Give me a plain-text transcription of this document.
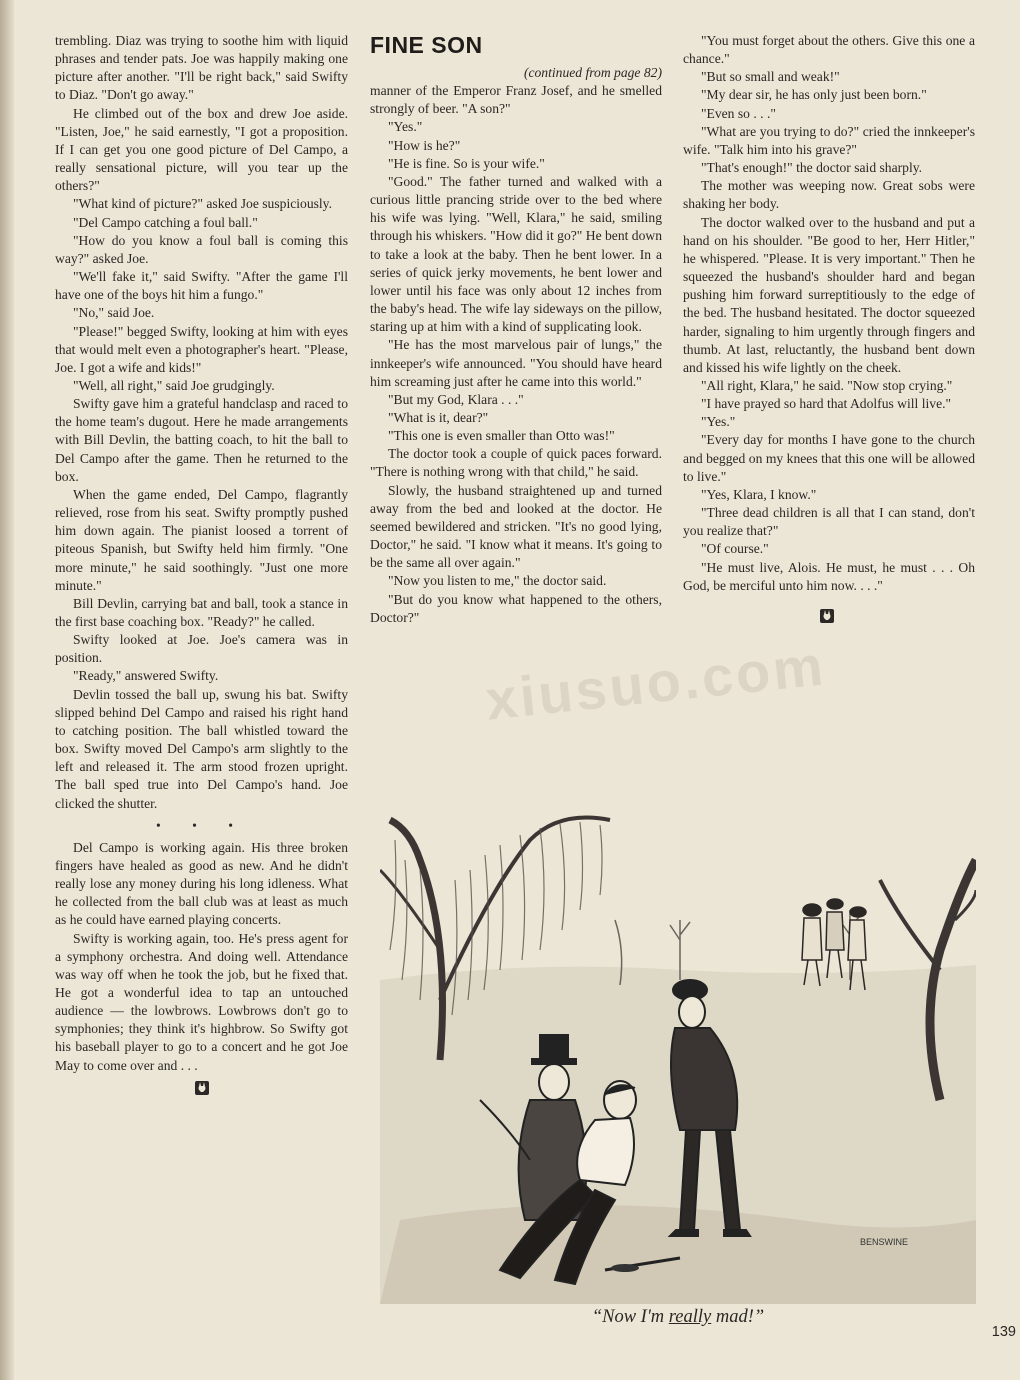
trembling. Diaz was trying to soothe him with liquid phrases and tender pats. Joe was happily making one picture after another. "I'll be right back," said Swifty to Diaz. "Don't go away."

He climbed out of the box and drew Joe aside. "Listen, Joe," he said earnestly, "I got a proposition. If I can get you one good picture of Del Campo, a really sensational picture, will you tear up the others?"

"What kind of picture?" asked Joe suspiciously.

"Del Campo catching a foul ball."

"How do you know a foul ball is coming this way?" asked Joe.

"We'll fake it," said Swifty. "After the game I'll have one of the boys hit him a fungo."

"No," said Joe.

"Please!" begged Swifty, looking at him with eyes that would melt even a photographer's heart. "Please, Joe. I got a wife and kids!"

"Well, all right," said Joe grudgingly.

Swifty gave him a grateful handclasp and raced to the home team's dugout. Here he made arrangements with Bill Devlin, the batting coach, to hit the ball to Del Campo after the game. Then he returned to the box.

When the game ended, Del Campo, flagrantly relieved, rose from his seat. Swifty promptly pushed him down again. The pianist loosed a torrent of piteous Spanish, but Swifty held him firmly. "One more minute," he said soothingly. "Just one more minute."

Bill Devlin, carrying bat and ball, took a stance in the first base coaching box. "Ready?" he called.

Swifty looked at Joe. Joe's camera was in position.

"Ready," answered Swifty.

Devlin tossed the ball up, swung his bat. Swifty slipped behind Del Campo and raised his right hand to catching position. The ball whistled toward the box. Swifty moved Del Campo's arm slightly to the left and released it. The arm stood frozen upright. The ball sped true into Del Campo's hand. Joe clicked the shutter.

• • •

Del Campo is working again. His three broken fingers have healed as good as new. And he didn't really lose any money during his long idleness. What he collected from the ball club was at least as much as he could have earned playing concerts.

Swifty is working again, too. He's press agent for a symphony orchestra. And doing well. Attendance was way off when he took the job, but he fixed that. He got a wonderful idea to tap an untouched audience — the lowbrows. Lowbrows don't go to symphonies; they think it's highbrow. So Swifty got his baseball player to go to a concert and he got Joe May to come over and . . .

FINE SON

(continued from page 82)

manner of the Emperor Franz Josef, and he smelled strongly of beer. "A son?"

"Yes."

"How is he?"

"He is fine. So is your wife."

"Good." The father turned and walked with a curious little prancing stride over to the bed where his wife was lying. "Well, Klara," he said, smiling through his whiskers. "How did it go?" He bent down to take a look at the baby. Then he bent lower. In a series of quick jerky movements, he bent lower and lower until his face was only about 12 inches from the baby's head. The wife lay sideways on the pillow, staring up at him with a kind of supplicating look.

"He has the most marvelous pair of lungs," the innkeeper's wife announced. "You should have heard him screaming just after he came into this world."

"But my God, Klara . . ."

"What is it, dear?"

"This one is even smaller than Otto was!"

The doctor took a couple of quick paces forward. "There is nothing wrong with that child," he said.

Slowly, the husband straightened up and turned away from the bed and looked at the doctor. He seemed bewildered and stricken. "It's no good lying, Doctor," he said. "I know what it means. It's going to be the same all over again."

"Now you listen to me," the doctor said.

"But do you know what happened to the others, Doctor?"

"You must forget about the others. Give this one a chance."

"But so small and weak!"

"My dear sir, he has only just been born."

"Even so . . ."

"What are you trying to do?" cried the innkeeper's wife. "Talk him into his grave?"

"That's enough!" the doctor said sharply.

The mother was weeping now. Great sobs were shaking her body.

The doctor walked over to the husband and put a hand on his shoulder. "Be good to her, Herr Hitler," he whispered. "Please. It is very important." Then he squeezed the husband's shoulder hard and began pushing him forward surreptitiously to the edge of the bed. The husband hesitated. The doctor squeezed harder, signaling to him urgently through fingers and thumb. At last, reluctantly, the husband bent down and kissed his wife lightly on the cheek.

"All right, Klara," he said. "Now stop crying."

"I have prayed so hard that Adolfus will live."

"Yes."

"Every day for months I have gone to the church and begged on my knees that this one will be allowed to live."

"Yes, Klara, I know."

"Three dead children is all that I can stand, don't you realize that?"

"Of course."

"He must live, Alois. He must, he must . . . Oh God, be merciful unto him now. . . ."

xiusuo.com
BENSWINE
“Now I'm really mad!”
139
